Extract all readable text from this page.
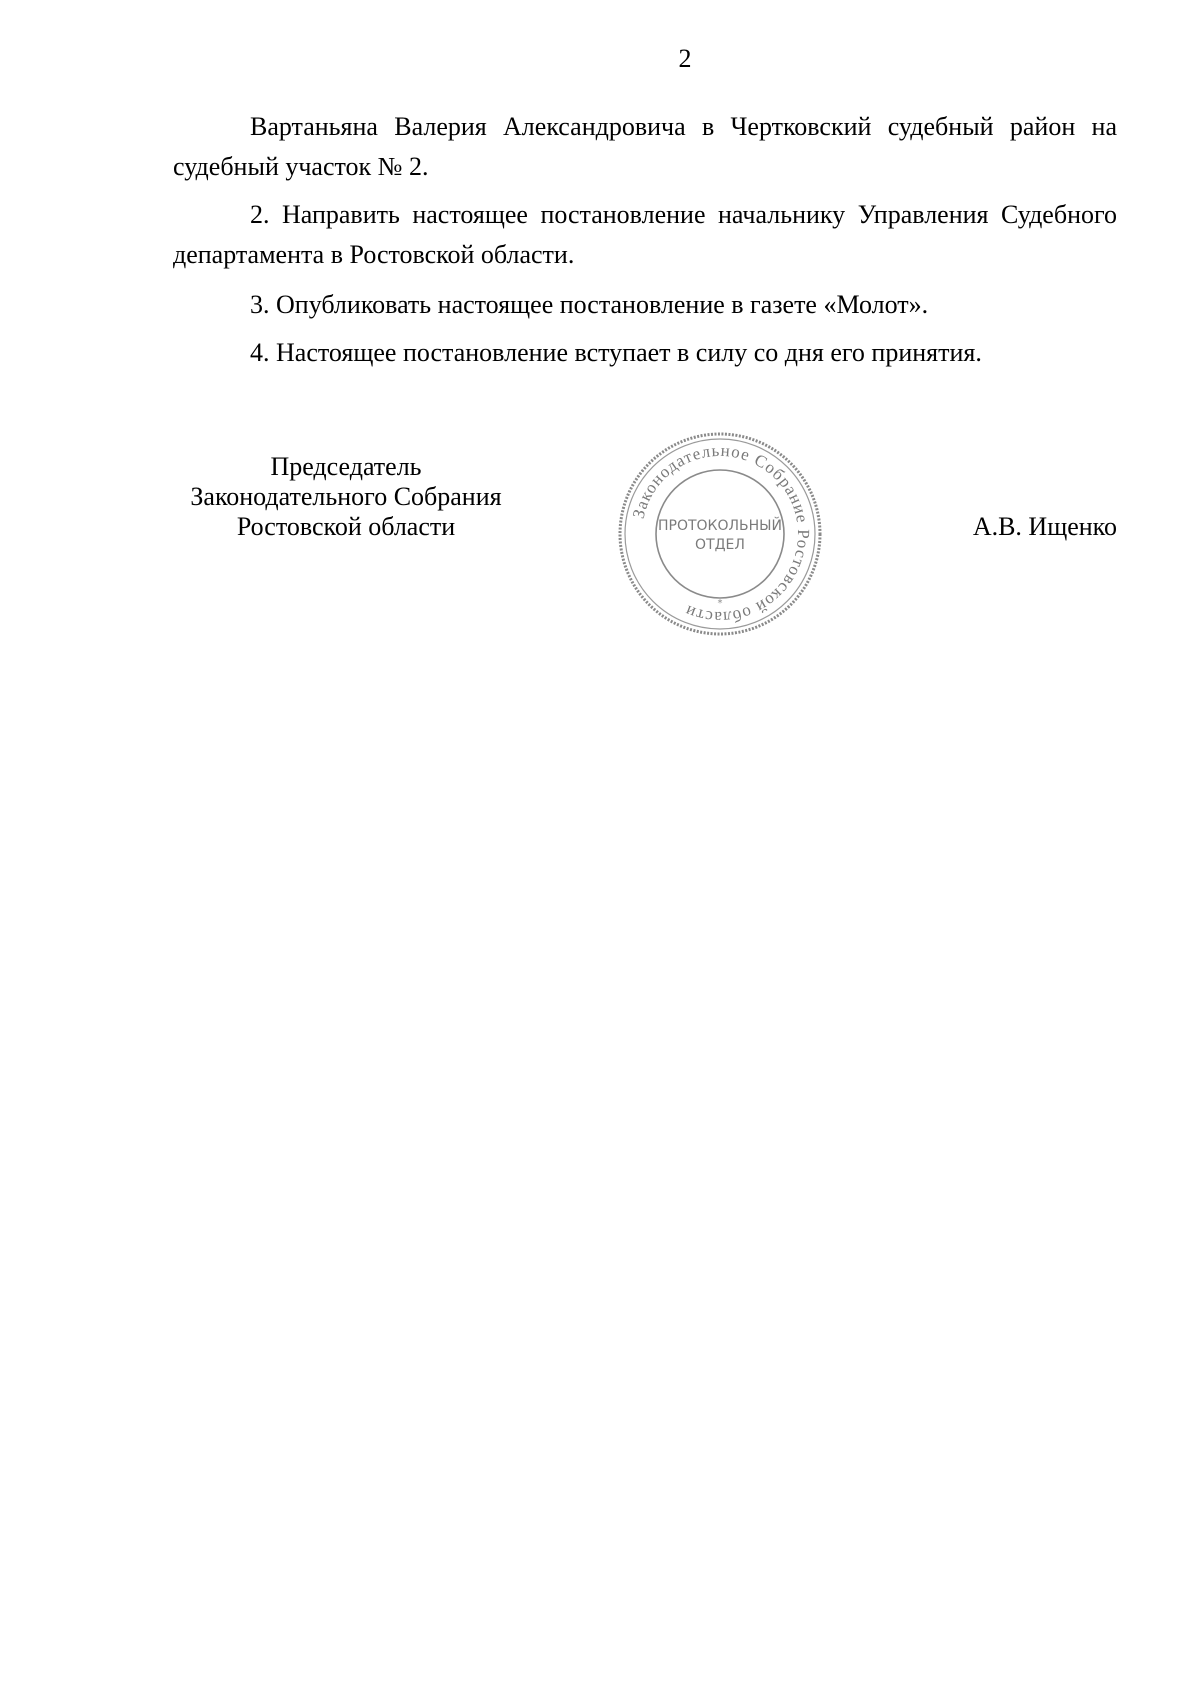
2

Вартаньяна Валерия Александровича в Чертковский судебный район на судебный участок № 2.

2. Направить настоящее постановление начальнику Управления Судебного департамента в Ростовской области.

3. Опубликовать настоящее постановление в газете «Молот».

4. Настоящее постановление вступает в силу со дня его принятия.

Председатель
Законодательного Собрания
Ростовской области	Законодательное Собрание Ростовской области
ПРОТОКОЛЬНЫЙ
ОТДЕЛ
*
А.В. Ищенко
